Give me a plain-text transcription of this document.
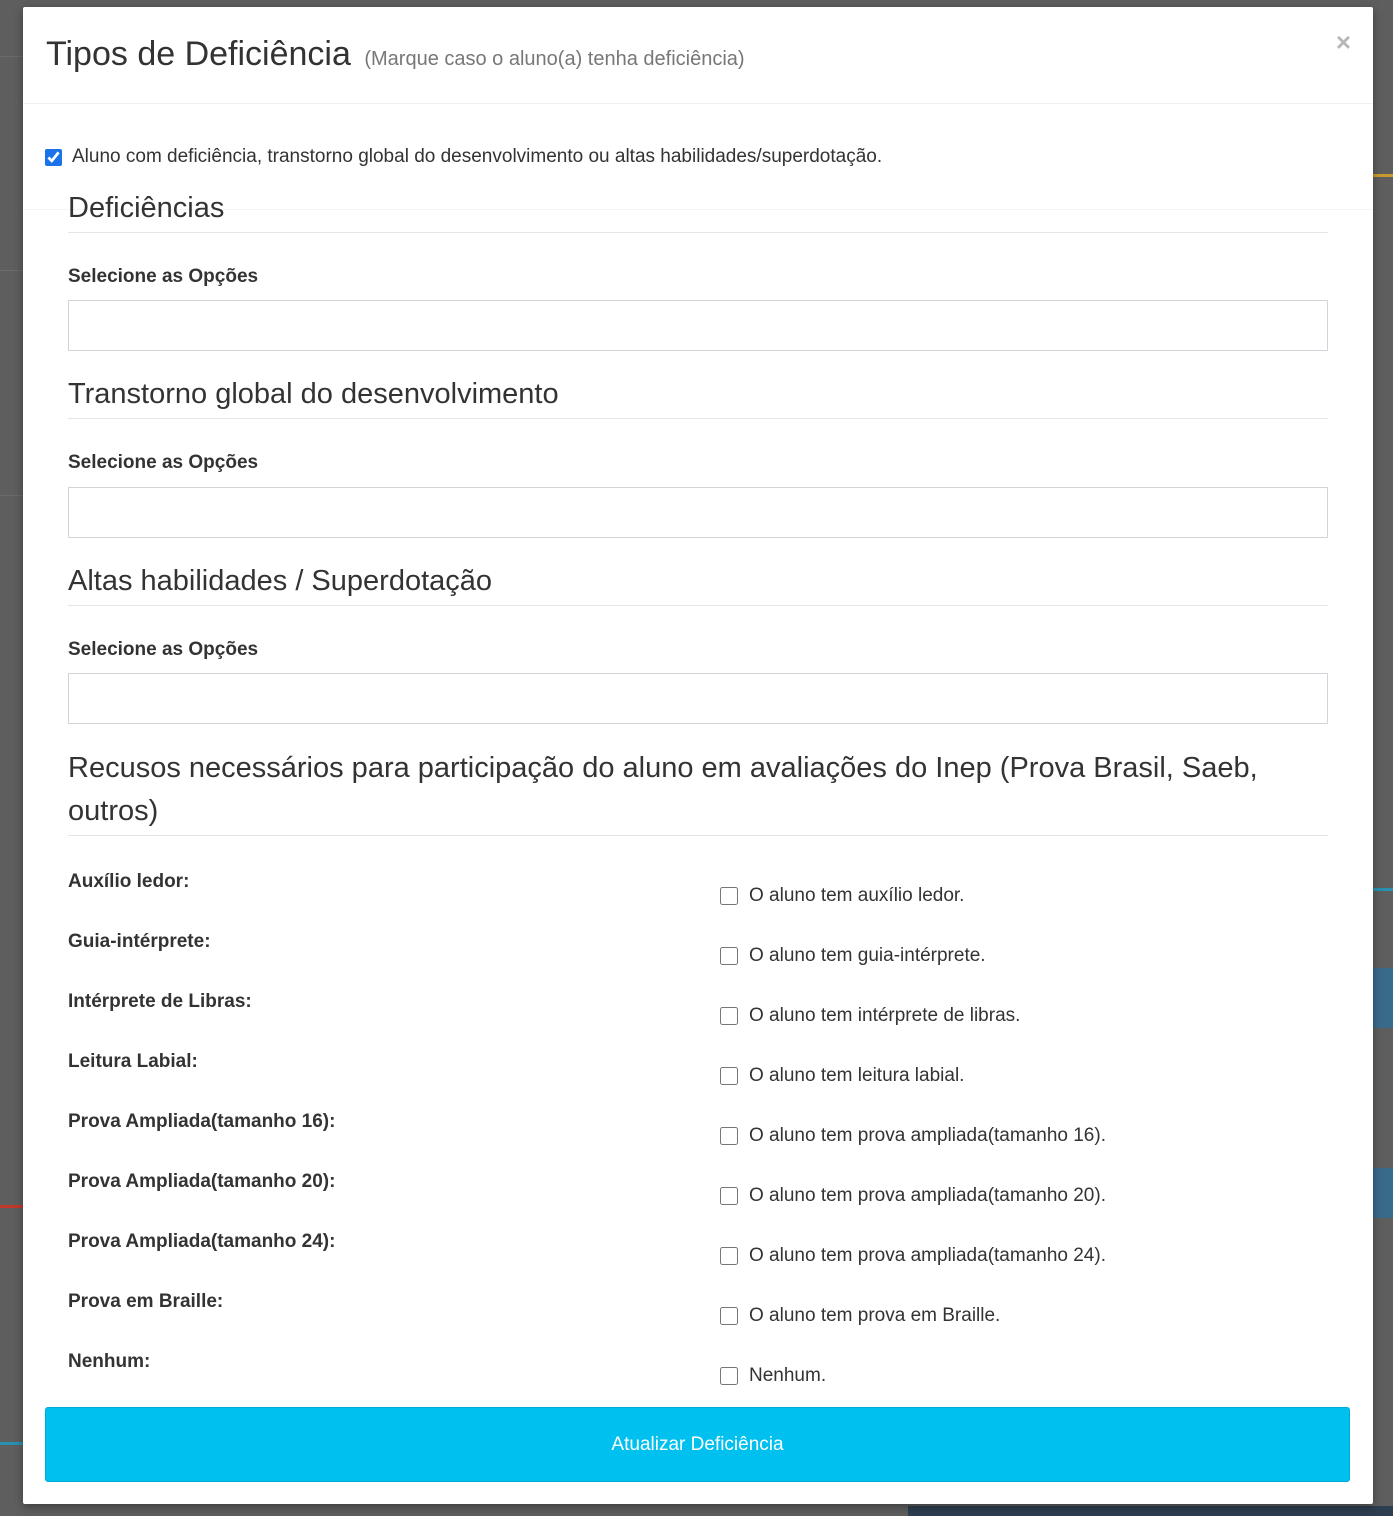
Tipos de Deficiência (Marque caso o aluno(a) tenha deficiência)
×
Aluno com deficiência, transtorno global do desenvolvimento ou altas habilidades/superdotação.
Deficiências
Selecione as Opções
Transtorno global do desenvolvimento
Selecione as Opções
Altas habilidades / Superdotação
Selecione as Opções
Recusos necessários para participação do aluno em avaliações do Inep (Prova Brasil, Saeb, outros)
Auxílio ledor:
O aluno tem auxílio ledor.
Guia-intérprete:
O aluno tem guia-intérprete.
Intérprete de Libras:
O aluno tem intérprete de libras.
Leitura Labial:
O aluno tem leitura labial.
Prova Ampliada(tamanho 16):
O aluno tem prova ampliada(tamanho 16).
Prova Ampliada(tamanho 20):
O aluno tem prova ampliada(tamanho 20).
Prova Ampliada(tamanho 24):
O aluno tem prova ampliada(tamanho 24).
Prova em Braille:
O aluno tem prova em Braille.
Nenhum:
Nenhum.
Atualizar Deficiência
